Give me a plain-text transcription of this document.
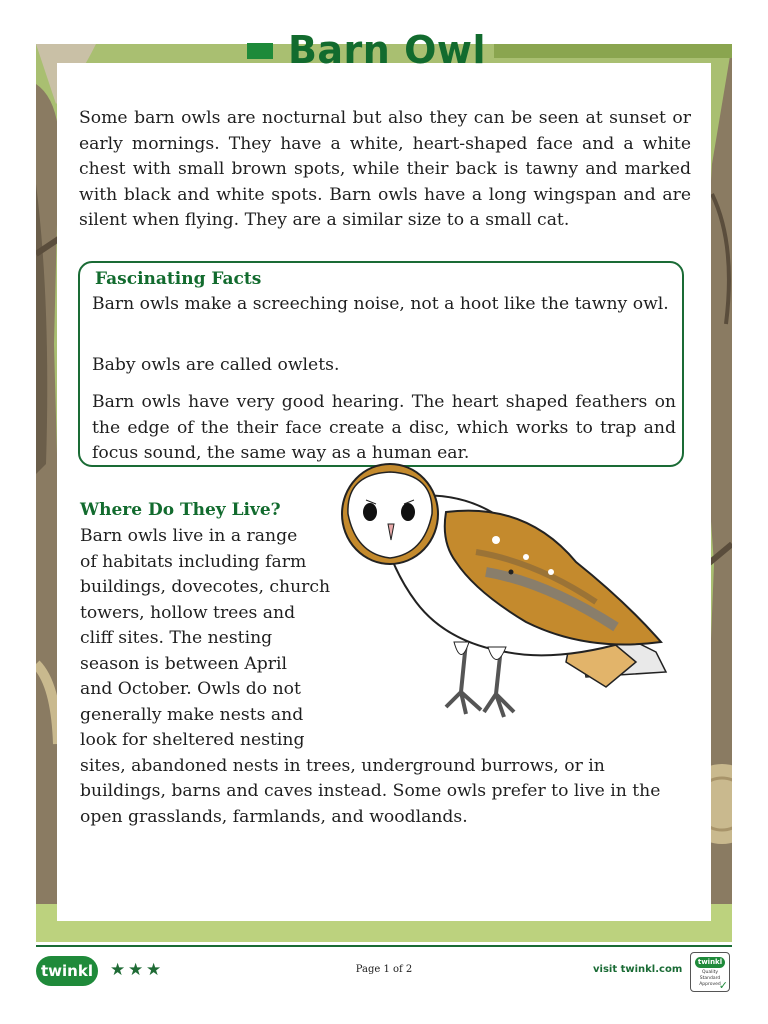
Barn Owl

Some barn owls are nocturnal but also they can be seen at sunset or early mornings. They have a white, heart-shaped face and a white chest with small brown spots, while their back is tawny and marked with black and white spots. Barn owls have a long wingspan and are silent when flying. They are a similar size to a small cat.

Fascinating Facts

Barn owls make a screeching noise, not a hoot like the tawny owl.

Baby owls are called owlets.

Barn owls have very good hearing. The heart shaped feathers on the edge of the their face create a disc, which works to trap and focus sound, the same way as a human ear.

Where Do They Live?
Barn owls live in a range
of habitats including farm
buildings, dovecotes, church
towers, hollow trees and
cliff sites. The nesting
season is between April
and October. Owls do not
generally make nests and
look for sheltered nesting
sites, abandoned nests in trees, underground burrows, or in
buildings, barns and caves instead. Some owls prefer to live in the
open grasslands, farmlands, and woodlands.
twinkl ★ ★ ★	Page 1 of 2	visit twinkl.com
twinkl
Quality Standard Approved
✓
